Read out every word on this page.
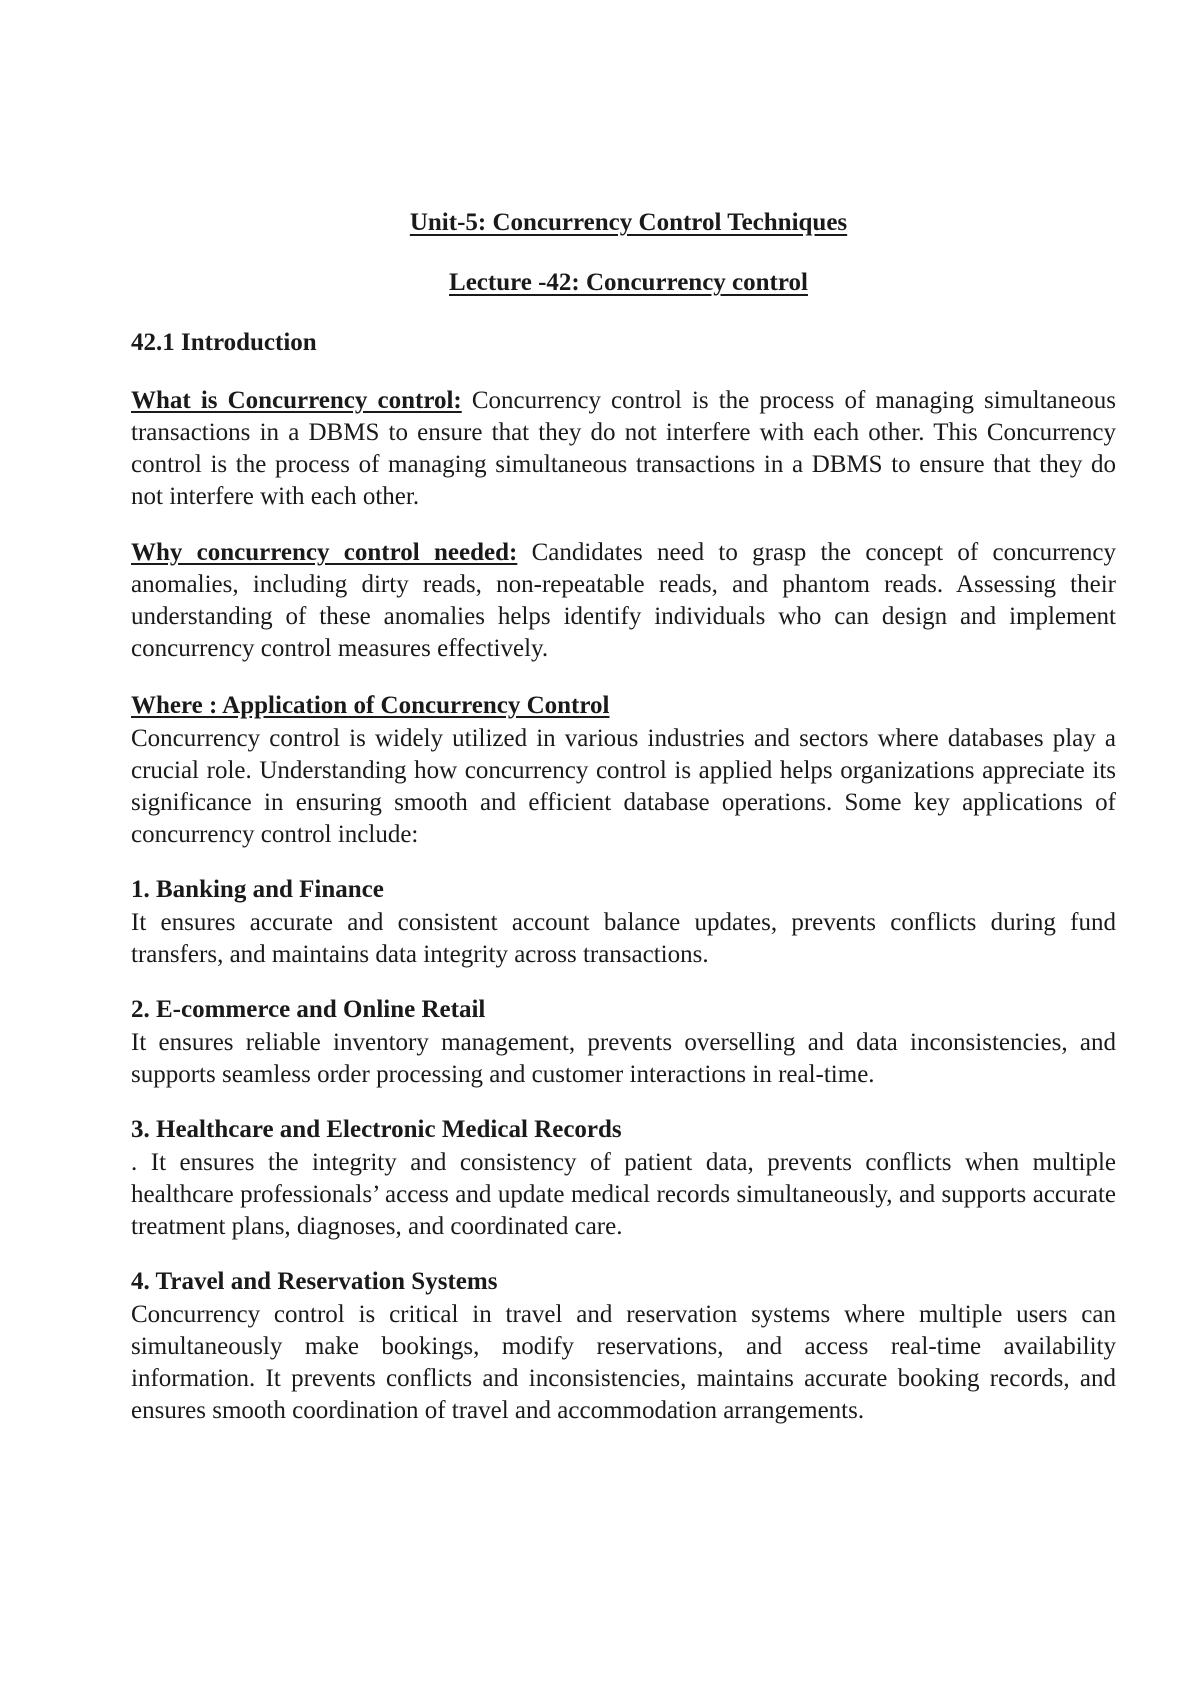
Unit-5: Concurrency Control Techniques
Lecture -42: Concurrency control
42.1 Introduction

What is Concurrency control: Concurrency control is the process of managing simultaneous transactions in a DBMS to ensure that they do not interfere with each other. This Concurrency control is the process of managing simultaneous transactions in a DBMS to ensure that they do not interfere with each other.

Why concurrency control needed: Candidates need to grasp the concept of concurrency anomalies, including dirty reads, non-repeatable reads, and phantom reads. Assessing their understanding of these anomalies helps identify individuals who can design and implement concurrency control measures effectively.

Where : Application of Concurrency Control

Concurrency control is widely utilized in various industries and sectors where databases play a crucial role. Understanding how concurrency control is applied helps organizations appreciate its significance in ensuring smooth and efficient database operations. Some key applications of concurrency control include:

1. Banking and Finance

It ensures accurate and consistent account balance updates, prevents conflicts during fund transfers, and maintains data integrity across transactions.

2. E-commerce and Online Retail

It ensures reliable inventory management, prevents overselling and data inconsistencies, and supports seamless order processing and customer interactions in real-time.

3. Healthcare and Electronic Medical Records

. It ensures the integrity and consistency of patient data, prevents conflicts when multiple healthcare professionals’ access and update medical records simultaneously, and supports accurate treatment plans, diagnoses, and coordinated care.

4. Travel and Reservation Systems

Concurrency control is critical in travel and reservation systems where multiple users can simultaneously make bookings, modify reservations, and access real-time availability information. It prevents conflicts and inconsistencies, maintains accurate booking records, and ensures smooth coordination of travel and accommodation arrangements.
